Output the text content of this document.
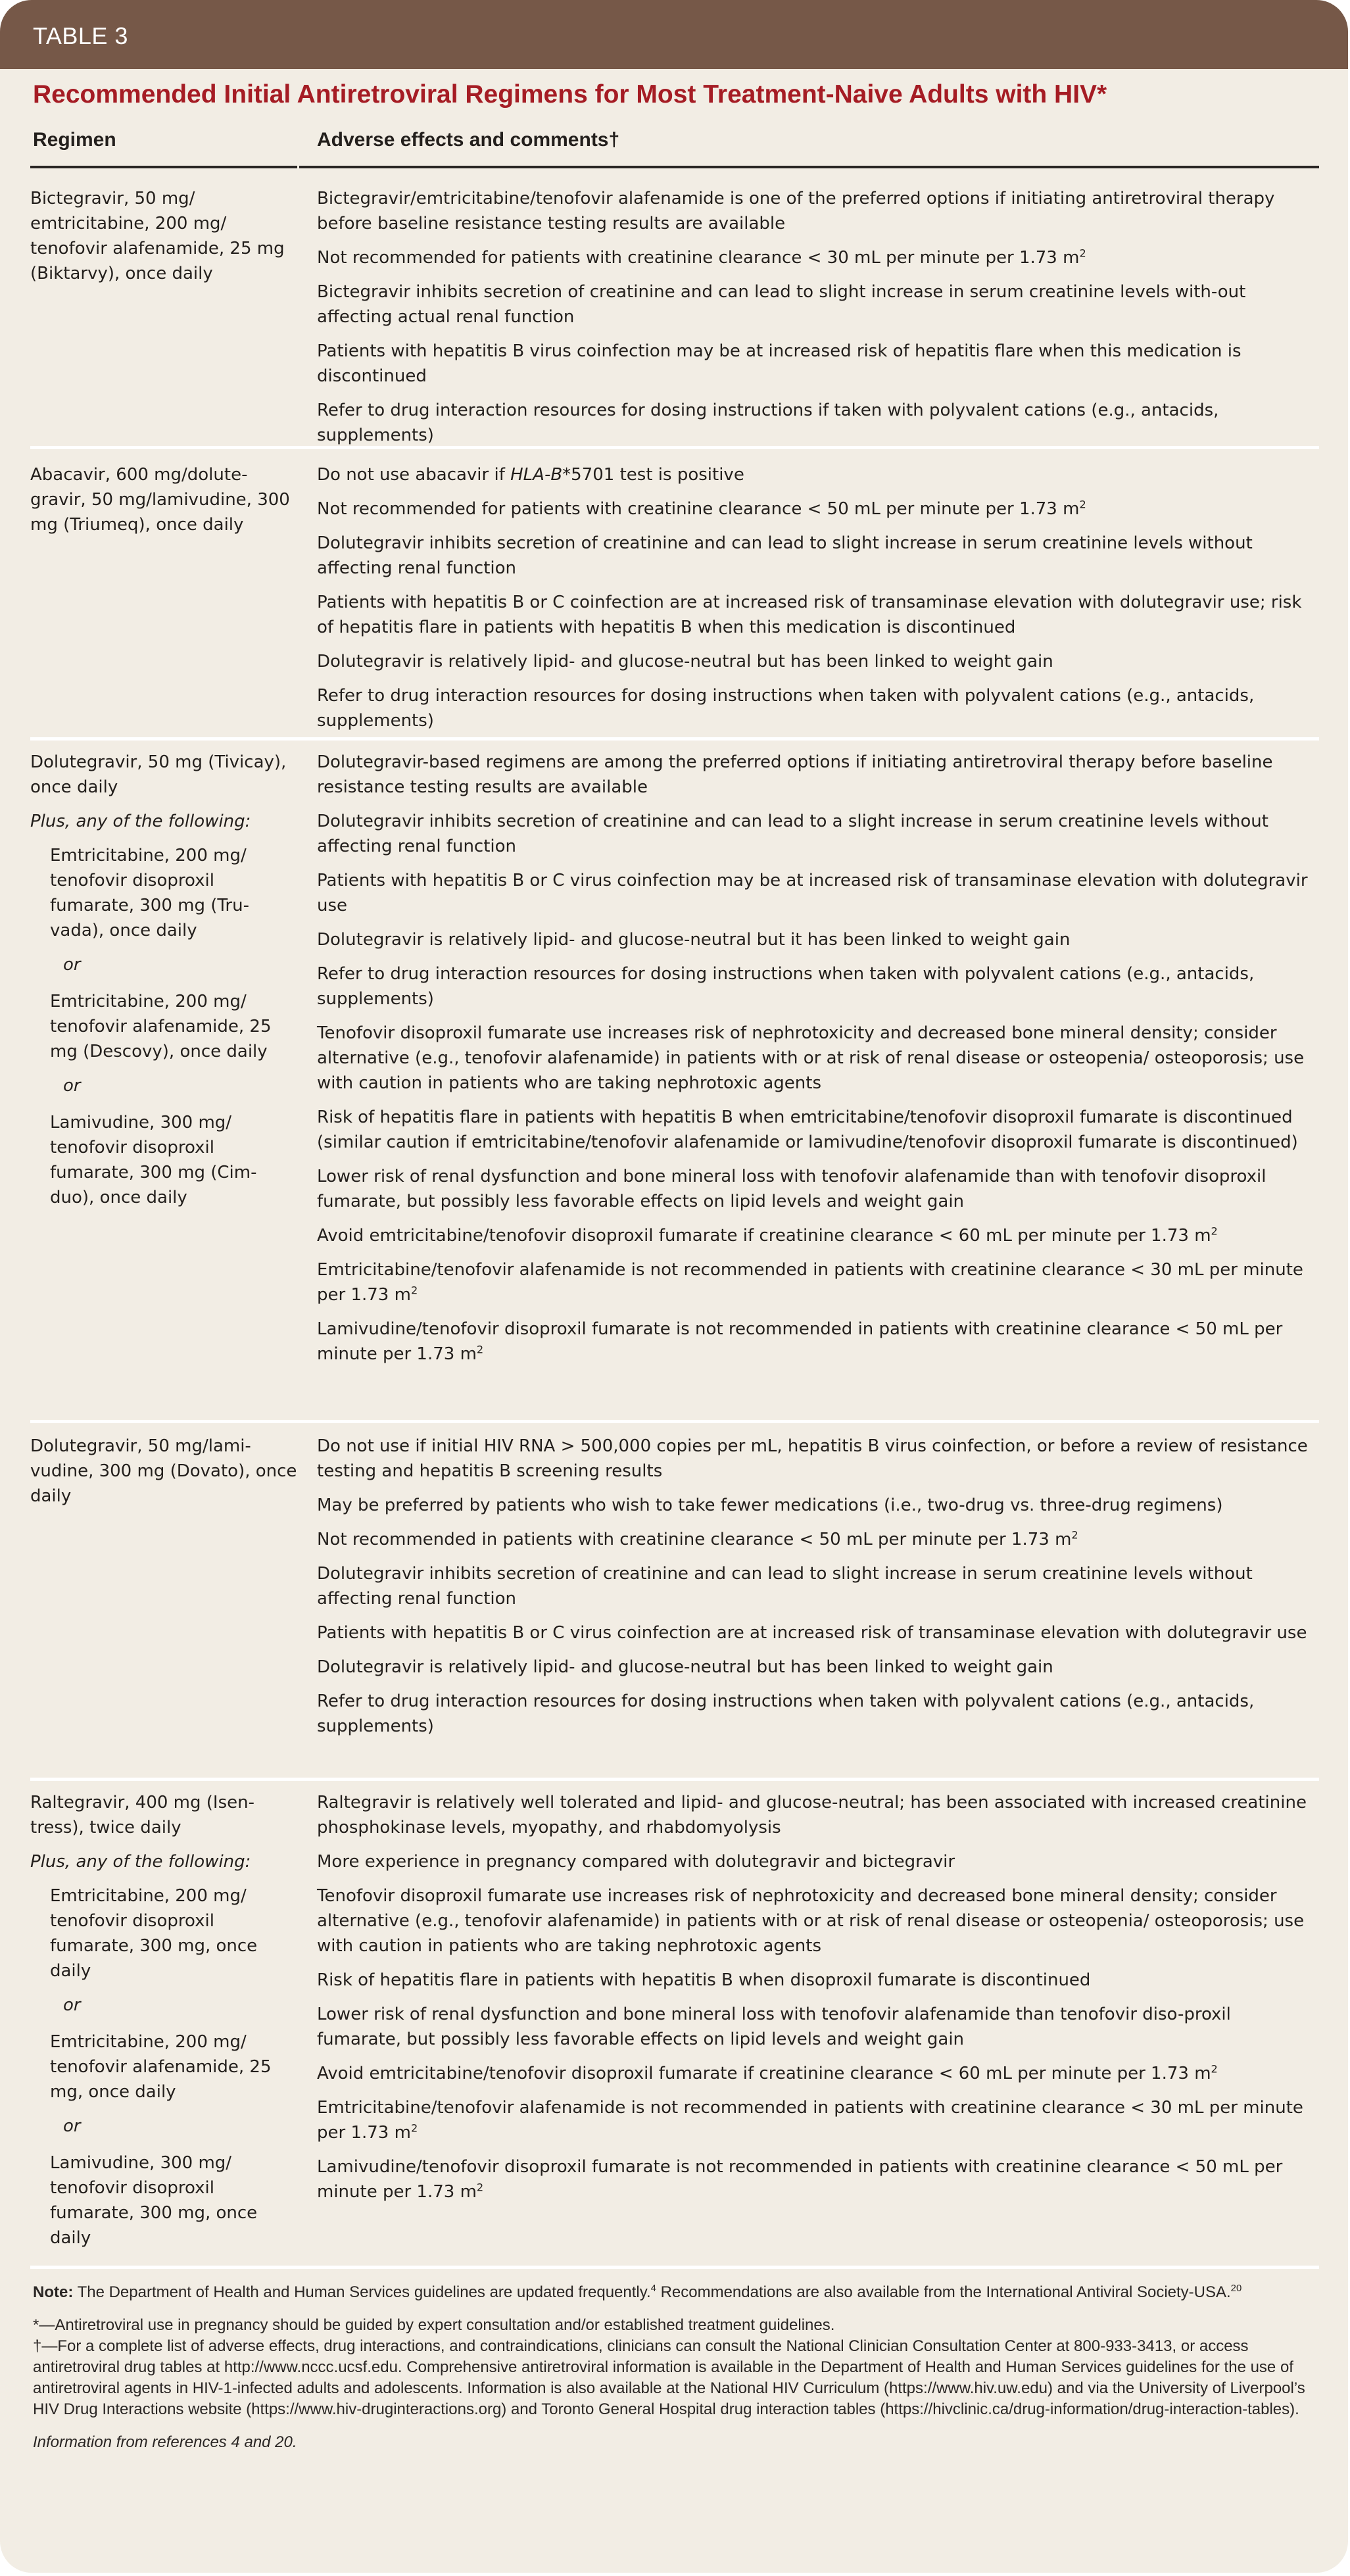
TABLE 3
Recommended Initial Antiretroviral Regimens for Most Treatment-Naive Adults with HIV*
Regimen	Adverse effects and comments†

Bictegravir, 50 mg/ emtricitabine, 200 mg/ tenofovir alafenamide, 25 mg (Biktarvy), once daily

Bictegravir/emtricitabine/tenofovir alafenamide is one of the preferred options if initiating antiretroviral therapy before baseline resistance testing results are available

Not recommended for patients with creatinine clearance < 30 mL per minute per 1.73 $m^2$

Bictegravir inhibits secretion of creatinine and can lead to slight increase in serum creatinine levels with-out affecting actual renal function

Patients with hepatitis B virus coinfection may be at increased risk of hepatitis flare when this medication is discontinued

Refer to drug interaction resources for dosing instructions if taken with polyvalent cations (e.g., antacids, supplements)

Abacavir, 600 mg/dolute-gravir, 50 mg/lamivudine, 300 mg (Triumeq), once daily

Do not use abacavir if HLA-B*5701 test is positive

Not recommended for patients with creatinine clearance < 50 mL per minute per 1.73 $m^2$

Dolutegravir inhibits secretion of creatinine and can lead to slight increase in serum creatinine levels without affecting renal function

Patients with hepatitis B or C coinfection are at increased risk of transaminase elevation with dolutegravir use; risk of hepatitis flare in patients with hepatitis B when this medication is discontinued

Dolutegravir is relatively lipid- and glucose-neutral but has been linked to weight gain

Refer to drug interaction resources for dosing instructions when taken with polyvalent cations (e.g., antacids, supplements)

Dolutegravir, 50 mg (Tivicay), once daily

Plus, any of the following:

Emtricitabine, 200 mg/ tenofovir disoproxil fumarate, 300 mg (Tru-vada), once daily

or

Emtricitabine, 200 mg/ tenofovir alafenamide, 25 mg (Descovy), once daily

or

Lamivudine, 300 mg/ tenofovir disoproxil fumarate, 300 mg (Cim-duo), once daily

Dolutegravir-based regimens are among the preferred options if initiating antiretroviral therapy before baseline resistance testing results are available

Dolutegravir inhibits secretion of creatinine and can lead to a slight increase in serum creatinine levels without affecting renal function

Patients with hepatitis B or C virus coinfection may be at increased risk of transaminase elevation with dolutegravir use

Dolutegravir is relatively lipid- and glucose-neutral but it has been linked to weight gain

Refer to drug interaction resources for dosing instructions when taken with polyvalent cations (e.g., antacids, supplements)

Tenofovir disoproxil fumarate use increases risk of nephrotoxicity and decreased bone mineral density; consider alternative (e.g., tenofovir alafenamide) in patients with or at risk of renal disease or osteopenia/ osteoporosis; use with caution in patients who are taking nephrotoxic agents

Risk of hepatitis flare in patients with hepatitis B when emtricitabine/tenofovir disoproxil fumarate is discontinued (similar caution if emtricitabine/tenofovir alafenamide or lamivudine/tenofovir disoproxil fumarate is discontinued)

Lower risk of renal dysfunction and bone mineral loss with tenofovir alafenamide than with tenofovir disoproxil fumarate, but possibly less favorable effects on lipid levels and weight gain

Avoid emtricitabine/tenofovir disoproxil fumarate if creatinine clearance < 60 mL per minute per 1.73 $m^2$

Emtricitabine/tenofovir alafenamide is not recommended in patients with creatinine clearance < 30 mL per minute per 1.73 $m^2$

Lamivudine/tenofovir disoproxil fumarate is not recommended in patients with creatinine clearance < 50 mL per minute per 1.73 $m^2$

Dolutegravir, 50 mg/lami-vudine, 300 mg (Dovato), once daily

Do not use if initial HIV RNA > 500,000 copies per mL, hepatitis B virus coinfection, or before a review of resistance testing and hepatitis B screening results

May be preferred by patients who wish to take fewer medications (i.e., two-drug vs. three-drug regimens)

Not recommended in patients with creatinine clearance < 50 mL per minute per 1.73 $m^2$

Dolutegravir inhibits secretion of creatinine and can lead to slight increase in serum creatinine levels without affecting renal function

Patients with hepatitis B or C virus coinfection are at increased risk of transaminase elevation with dolutegravir use

Dolutegravir is relatively lipid- and glucose-neutral but has been linked to weight gain

Refer to drug interaction resources for dosing instructions when taken with polyvalent cations (e.g., antacids, supplements)

Raltegravir, 400 mg (Isen-tress), twice daily

Plus, any of the following:

Emtricitabine, 200 mg/ tenofovir disoproxil fumarate, 300 mg, once daily

or

Emtricitabine, 200 mg/ tenofovir alafenamide, 25 mg, once daily

or

Lamivudine, 300 mg/ tenofovir disoproxil fumarate, 300 mg, once daily

Raltegravir is relatively well tolerated and lipid- and glucose-neutral; has been associated with increased creatinine phosphokinase levels, myopathy, and rhabdomyolysis

More experience in pregnancy compared with dolutegravir and bictegravir

Tenofovir disoproxil fumarate use increases risk of nephrotoxicity and decreased bone mineral density; consider alternative (e.g., tenofovir alafenamide) in patients with or at risk of renal disease or osteopenia/ osteoporosis; use with caution in patients who are taking nephrotoxic agents

Risk of hepatitis flare in patients with hepatitis B when disoproxil fumarate is discontinued

Lower risk of renal dysfunction and bone mineral loss with tenofovir alafenamide than tenofovir diso-proxil fumarate, but possibly less favorable effects on lipid levels and weight gain

Avoid emtricitabine/tenofovir disoproxil fumarate if creatinine clearance < 60 mL per minute per 1.73 $m^2$

Emtricitabine/tenofovir alafenamide is not recommended in patients with creatinine clearance < 30 mL per minute per 1.73 $m^2$

Lamivudine/tenofovir disoproxil fumarate is not recommended in patients with creatinine clearance < 50 mL per minute per 1.73 $m^2$

Note: The Department of Health and Human Services guidelines are updated frequently.$^4$ Recommendations are also available from the International Antiviral Society-USA.$^{20}$

*—Antiretroviral use in pregnancy should be guided by expert consultation and/or established treatment guidelines.

†—For a complete list of adverse effects, drug interactions, and contraindications, clinicians can consult the National Clinician Consultation Center at 800-933-3413, or access antiretroviral drug tables at http://www.nccc.ucsf.edu. Comprehensive antiretroviral information is available in the Department of Health and Human Services guidelines for the use of antiretroviral agents in HIV-1-infected adults and adolescents. Information is also available at the National HIV Curriculum (https://www.hiv.uw.edu) and via the University of Liverpool’s HIV Drug Interactions website (https://www.hiv-druginteractions.org) and Toronto General Hospital drug interaction tables (https://hivclinic.ca/drug-information/drug-interaction-tables).

Information from references 4 and 20.
